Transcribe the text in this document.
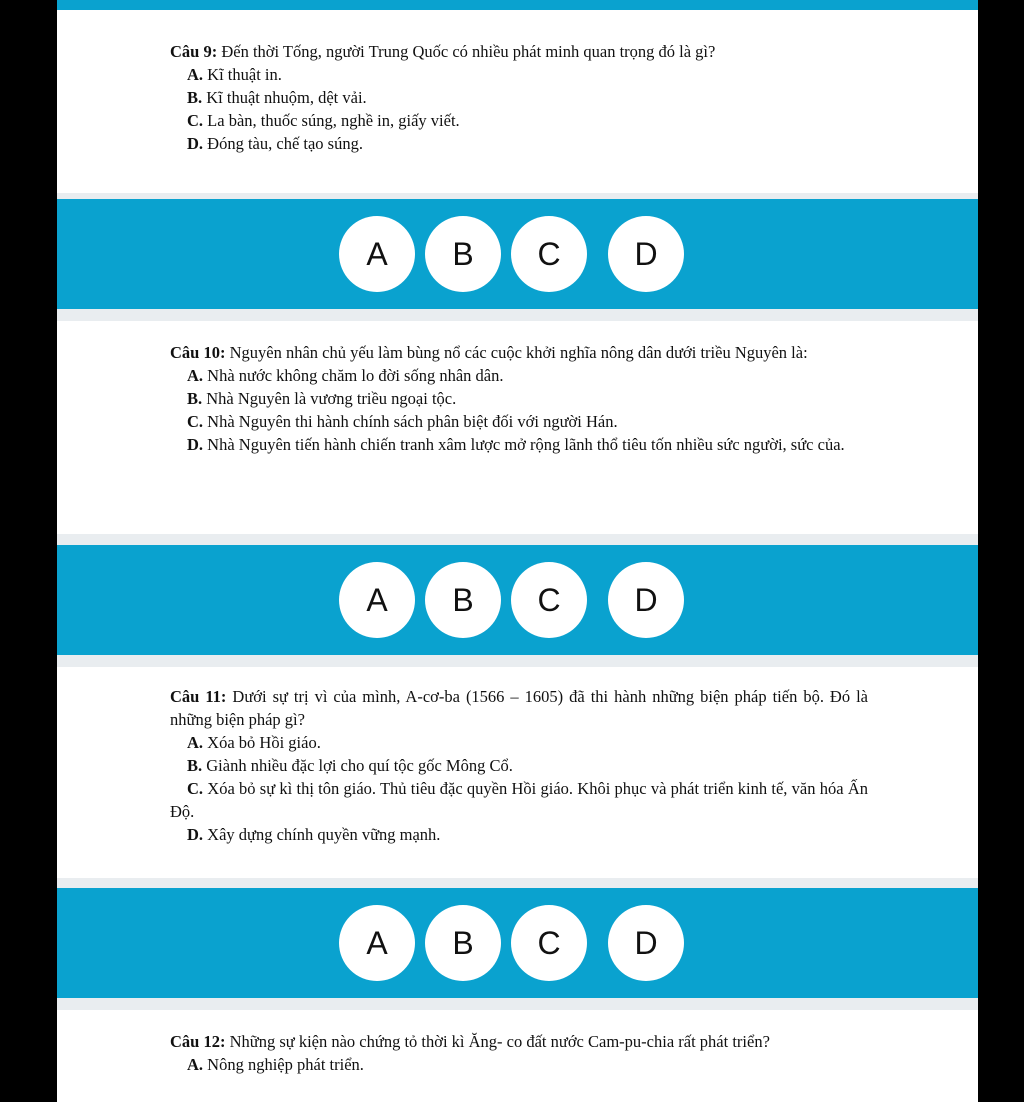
Câu 9: Đến thời Tống, người Trung Quốc có nhiều phát minh quan trọng đó là gì?

A. Kĩ thuật in.

B. Kĩ thuật nhuộm, dệt vải.

C. La bàn, thuốc súng, nghề in, giấy viết.

D. Đóng tàu, chế tạo súng.

A	B	C	D

Câu 10: Nguyên nhân chủ yếu làm bùng nổ các cuộc khởi nghĩa nông dân dưới triều Nguyên là:

A. Nhà nước không chăm lo đời sống nhân dân.

B. Nhà Nguyên là vương triều ngoại tộc.

C. Nhà Nguyên thi hành chính sách phân biệt đối với người Hán.

D. Nhà Nguyên tiến hành chiến tranh xâm lược mở rộng lãnh thổ tiêu tốn nhiều sức người, sức của.

A	B	C	D

Câu 11: Dưới sự trị vì của mình, A-cơ-ba (1566 – 1605) đã thi hành những biện pháp tiến bộ. Đó là những biện pháp gì?

A. Xóa bỏ Hồi giáo.

B. Giành nhiều đặc lợi cho quí tộc gốc Mông Cổ.

C. Xóa bỏ sự kì thị tôn giáo. Thủ tiêu đặc quyền Hồi giáo. Khôi phục và phát triển kinh tế, văn hóa Ấn Độ.

D. Xây dựng chính quyền vững mạnh.

A	B	C	D

Câu 12: Những sự kiện nào chứng tỏ thời kì Ăng- co đất nước Cam-pu-chia rất phát triển?

A. Nông nghiệp phát triển.
